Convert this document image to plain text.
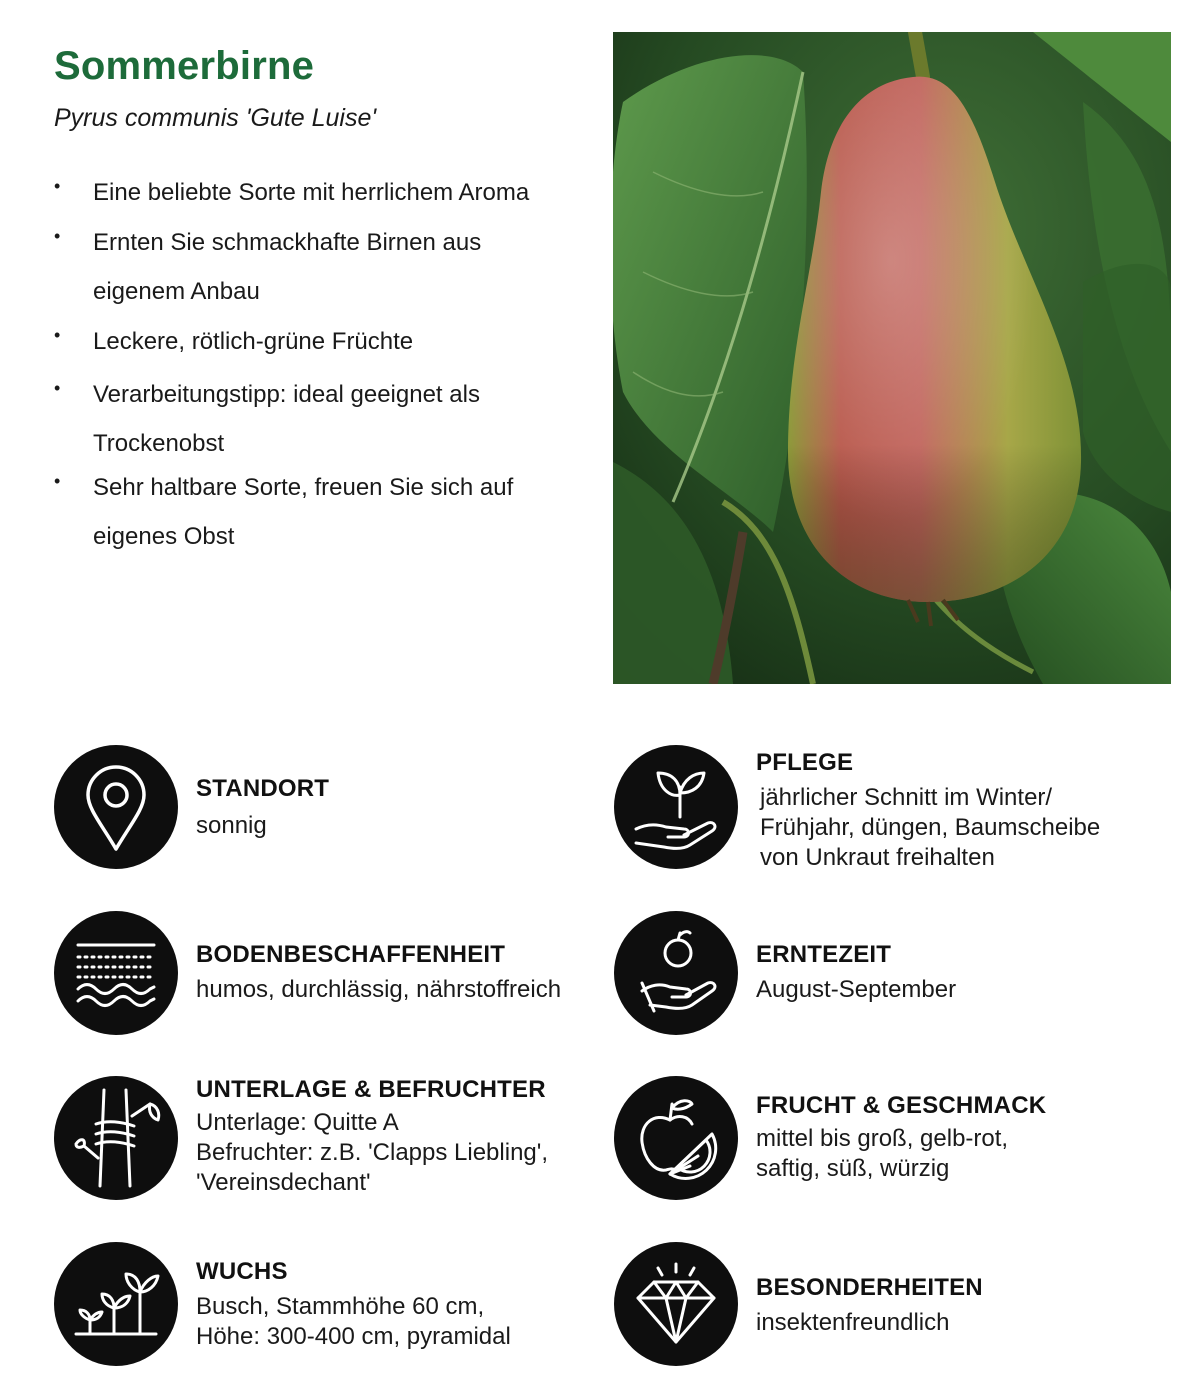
Sommerbirne

Pyrus communis 'Gute Luise'

• Eine beliebte Sorte mit herrlichem Aroma
• Ernten Sie schmackhafte Birnen aus eigenem Anbau
• Leckere, rötlich-grüne Früchte
• Verarbeitungstipp: ideal geeignet als Trockenobst
• Sehr haltbare Sorte, freuen Sie sich auf eigenes Obst
STANDORT
sonnig
PFLEGE
jährlicher Schnitt im Winter/
Frühjahr, düngen, Baumscheibe
von Unkraut freihalten
BODENBESCHAFFENHEIT
humos, durchlässig, nährstoffreich
ERNTEZEIT
August-September
UNTERLAGE & BEFRUCHTER
Unterlage: Quitte A
Befruchter: z.B. 'Clapps Liebling',
'Vereinsdechant'
FRUCHT & GESCHMACK
mittel bis groß, gelb-rot,
saftig, süß, würzig
WUCHS
Busch, Stammhöhe 60 cm,
Höhe: 300-400 cm, pyramidal
BESONDERHEITEN
insektenfreundlich
